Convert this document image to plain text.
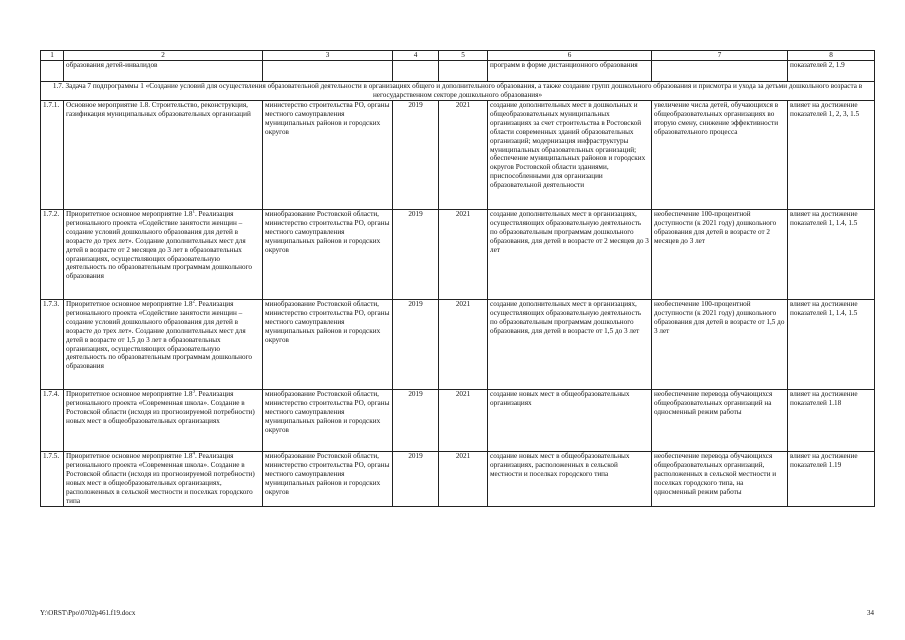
1	2	3	4	5	6	7	8
	образования детей-инвалидов				программ в форме дистанционного образования		показателей 2, 1.9
1.7. Задача 7 подпрограммы 1 «Создание условий для осуществления образовательной деятельности в организациях общего и дополнительного образования, а также создание групп дошкольного образования и присмотра и ухода за детьми дошкольного возраста в негосударственном секторе дошкольного образования»							
1.7.1.	Основное мероприятие 1.8. Строительство, реконструкция, газификация муниципальных образовательных организаций	министерство строительства РО, органы местного самоуправления муниципальных районов и городских округов	2019	2021	создание дополнительных мест в дошкольных и общеобразовательных муниципальных организациях за счет строительства в Ростовской области современных зданий образовательных организаций; модернизация инфраструктуры муниципальных образовательных организаций; обеспечение муниципальных районов и городских округов Ростовской области зданиями, приспособленными для организации образовательной деятельности	увеличение числа детей, обучающихся в общеобразовательных организациях во вторую смену, снижение эффективности образовательного процесса	влияет на достижение показателей 1, 2, 3, 1.5
1.7.2.	Приоритетное основное мероприятие $1.8^1$. Реализация регионального проекта «Содействие занятости женщин – создание условий дошкольного образования для детей в возрасте до трех лет». Создание дополнительных мест для детей в возрасте от 2 месяцев до 3 лет в образовательных организациях, осуществляющих образовательную деятельность по образовательным программам дошкольного образования	минобразование Ростовской области, министерство строительства РО, органы местного самоуправления муниципальных районов и городских округов	2019	2021	создание дополнительных мест в организациях, осуществляющих образовательную деятельность по образовательным программам дошкольного образования, для детей в возрасте от 2 месяцев до 3 лет	необеспечение 100-процентной доступности (к 2021 году) дошкольного образования для детей в возрасте от 2 месяцев до 3 лет	влияет на достижение показателей 1, 1.4, 1.5
1.7.3.	Приоритетное основное мероприятие $1.8^2$. Реализация регионального проекта «Содействие занятости женщин – создание условий дошкольного образования для детей в возрасте до трех лет». Создание дополнительных мест для детей в возрасте от 1,5 до 3 лет в образовательных организациях, осуществляющих образовательную деятельность по образовательным программам дошкольного образования	минобразование Ростовской области, министерство строительства РО, органы местного самоуправления муниципальных районов и городских округов	2019	2021	создание дополнительных мест в организациях, осуществляющих образовательную деятельность по образовательным программам дошкольного образования, для детей в возрасте от 1,5 до 3 лет	необеспечение 100-процентной доступности (к 2021 году) дошкольного образования для детей в возрасте от 1,5 до 3 лет	влияет на достижение показателей 1, 1.4, 1.5
1.7.4.	Приоритетное основное мероприятие $1.8^3$. Реализация регионального проекта «Современная школа». Создание в Ростовской области (исходя из прогнозируемой потребности) новых мест в общеобразовательных организациях	минобразование Ростовской области, министерство строительства РО, органы местного самоуправления муниципальных районов и городских округов	2019	2021	создание новых мест в общеобразовательных организациях	необеспечение перевода обучающихся общеобразовательных организаций на односменный режим работы	влияет на достижение показателей 1.18
1.7.5.	Приоритетное основное мероприятие $1.8^4$. Реализация регионального проекта «Современная школа». Создание в Ростовской области (исходя из прогнозируемой потребности) новых мест в общеобразовательных организациях, расположенных в сельской местности и поселках городского типа	минобразование Ростовской области, министерство строительства РО, органы местного самоуправления муниципальных районов и городских округов	2019	2021	создание новых мест в общеобразовательных организациях, расположенных в сельской местности и поселках городского типа	необеспечение перевода обучающихся общеобразовательных организаций, расположенных в сельской местности и поселках городского типа, на односменный режим работы	влияет на достижение показателей 1.19
Y:\ORST\Ppo\0702p461.f19.docx	34
